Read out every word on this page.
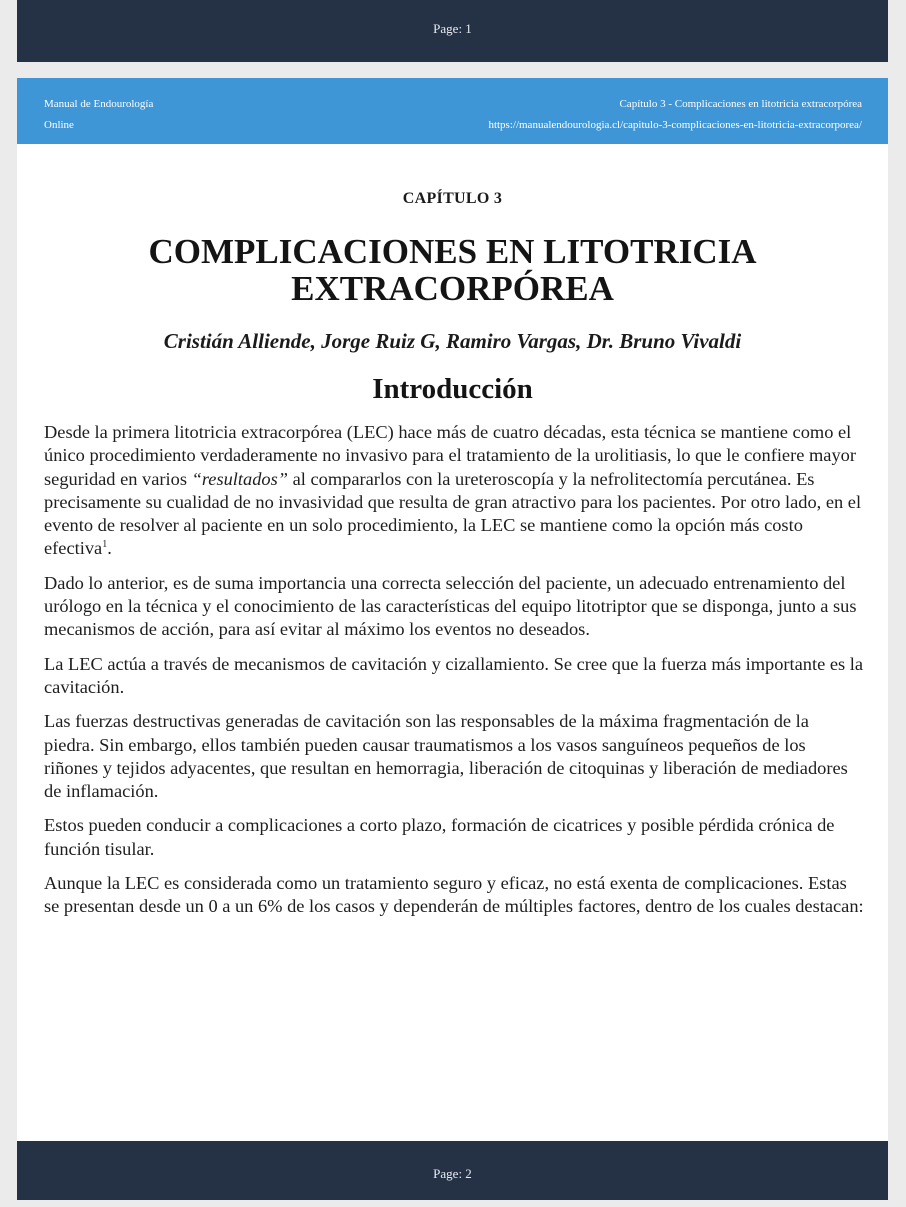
Page: 1
Manual de Endourología
Online
Capítulo 3 - Complicaciones en litotricia extracorpórea
https://manualendourologia.cl/capitulo-3-complicaciones-en-litotricia-extracorporea/
CAPÍTULO 3
COMPLICACIONES EN LITOTRICIA
EXTRACORPÓREA
Cristián Alliende, Jorge Ruiz G, Ramiro Vargas, Dr. Bruno Vivaldi
Introducción

Desde la primera litotricia extracorpórea (LEC) hace más de cuatro décadas, esta técnica se mantiene como el único procedimiento verdaderamente no invasivo para el tratamiento de la urolitiasis, lo que le confiere mayor seguridad en varios “resultados” al compararlos con la ureteroscopía y la nefrolitectomía percutánea. Es precisamente su cualidad de no invasividad que resulta de gran atractivo para los pacientes. Por otro lado, en el evento de resolver al paciente en un solo procedimiento, la LEC se mantiene como la opción más costo efectiva$^1$.

Dado lo anterior, es de suma importancia una correcta selección del paciente, un adecuado entrenamiento del urólogo en la técnica y el conocimiento de las características del equipo litotriptor que se disponga, junto a sus mecanismos de acción, para así evitar al máximo los eventos no deseados.

La LEC actúa a través de mecanismos de cavitación y cizallamiento. Se cree que la fuerza más importante es la cavitación.

Las fuerzas destructivas generadas de cavitación son las responsables de la máxima fragmentación de la piedra. Sin embargo, ellos también pueden causar traumatismos a los vasos sanguíneos pequeños de los riñones y tejidos adyacentes, que resultan en hemorragia, liberación de citoquinas y liberación de mediadores de inflamación.

Estos pueden conducir a complicaciones a corto plazo, formación de cicatrices y posible pérdida crónica de función tisular.

Aunque la LEC es considerada como un tratamiento seguro y eficaz, no está exenta de complicaciones. Estas se presentan desde un 0 a un 6% de los casos y dependerán de múltiples factores, dentro de los cuales destacan:

Page: 2
